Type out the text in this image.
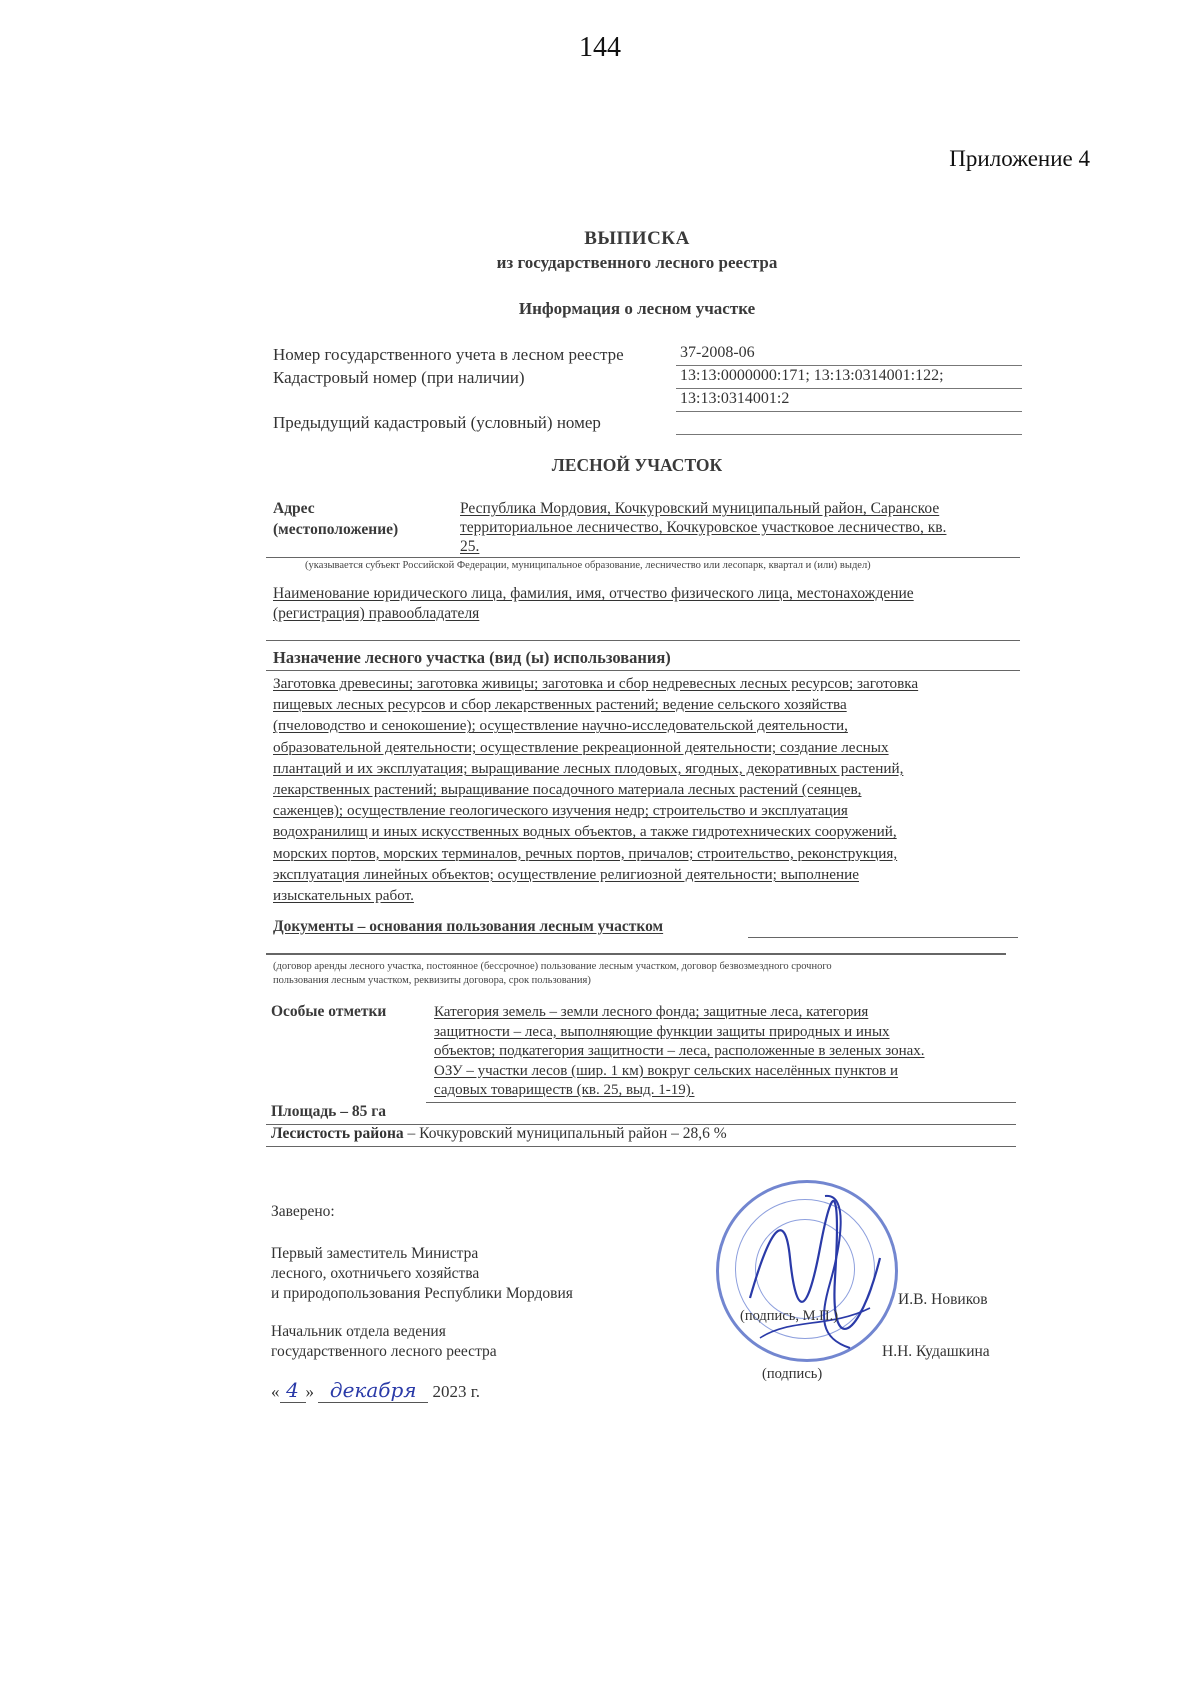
144
Приложение 4
ВЫПИСКА
из государственного лесного реестра
Информация о лесном участке
Номер государственного учета в лесном реестре	37-2008-06
Кадастровый номер (при наличии)	13:13:0000000:171; 13:13:0314001:122;
13:13:0314001:2
Предыдущий кадастровый (условный) номер
ЛЕСНОЙ УЧАСТОК
Адрес
(местоположение)
Республика Мордовия, Кочкуровский муниципальный район, Саранское
территориальное лесничество, Кочкуровское участковое лесничество, кв.
25.
(указывается субъект Российской Федерации, муниципальное образование, лесничество или лесопарк, квартал и (или) выдел)
Наименование юридического лица, фамилия, имя, отчество физического лица, местонахождение
(регистрация) правообладателя
Назначение лесного участка (вид (ы) использования)
Заготовка древесины; заготовка живицы; заготовка и сбор недревесных лесных ресурсов; заготовка
пищевых лесных ресурсов и сбор лекарственных растений; ведение сельского хозяйства
(пчеловодство и сенокошение); осуществление научно-исследовательской деятельности,
образовательной деятельности; осуществление рекреационной деятельности; создание лесных
плантаций и их эксплуатация; выращивание лесных плодовых, ягодных, декоративных растений,
лекарственных растений; выращивание посадочного материала лесных растений (сеянцев,
саженцев); осуществление геологического изучения недр; строительство и эксплуатация
водохранилищ и иных искусственных водных объектов, а также гидротехнических сооружений,
морских портов, морских терминалов, речных портов, причалов; строительство, реконструкция,
эксплуатация линейных объектов; осуществление религиозной деятельности; выполнение
изыскательных работ.
Документы – основания пользования лесным участком
(договор аренды лесного участка, постоянное (бессрочное) пользование лесным участком, договор безвозмездного срочного
пользования лесным участком, реквизиты договора, срок пользования)
Особые отметки	Категория земель – земли лесного фонда; защитные леса, категория
защитности – леса, выполняющие функции защиты природных и иных
объектов; подкатегория защитности – леса, расположенные в зеленых зонах.
ОЗУ – участки лесов (шир. 1 км) вокруг сельских населённых пунктов и
садовых товариществ (кв. 25, выд. 1-19).
Площадь – 85 га
Лесистость района – Кочкуровский муниципальный район – 28,6 %
Заверено:
Первый заместитель Министра
лесного, охотничьего хозяйства
и природопользования Республики Мордовия
Начальник отдела ведения
государственного лесного реестра
(подпись, М.П.)
И.В. Новиков
(подпись)
Н.Н. Кудашкина
« 4 » декабря 2023 г.
